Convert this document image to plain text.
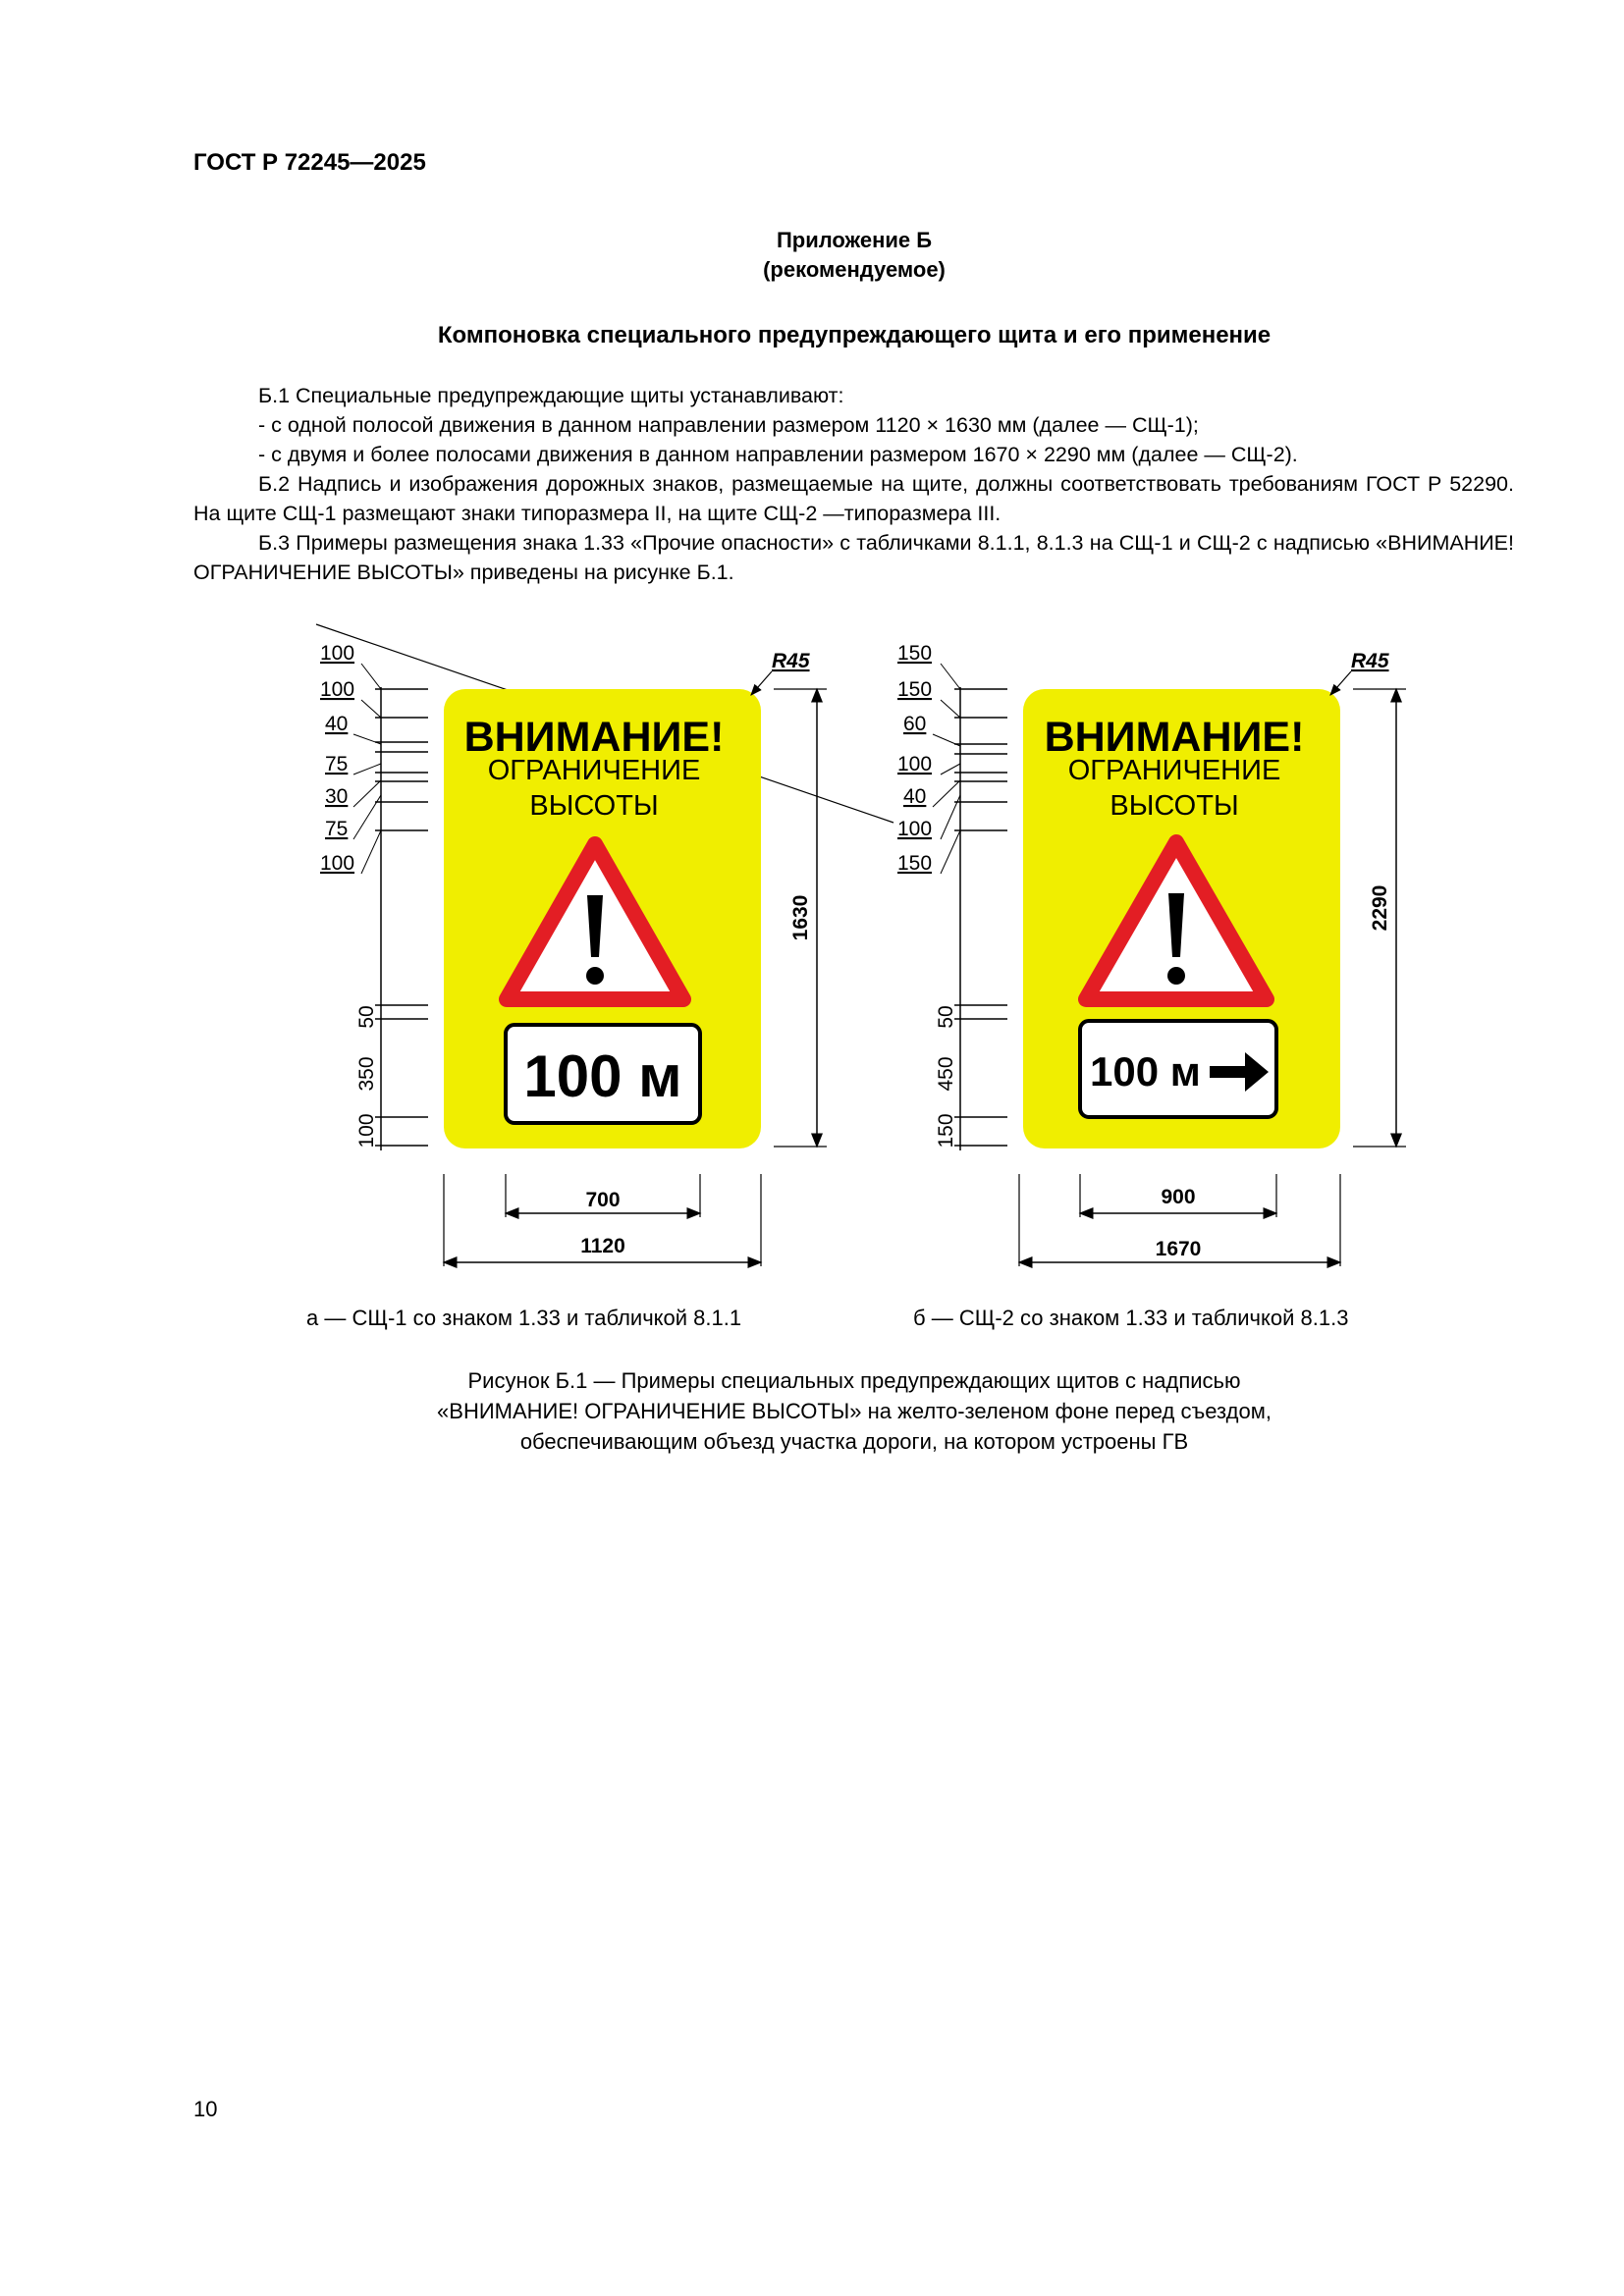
ГОСТ Р 72245—2025
Приложение Б
(рекомендуемое)
Компоновка специального предупреждающего щита и его применение

Б.1 Специальные предупреждающие щиты устанавливают:

- с одной полосой движения в данном направлении размером 1120 × 1630 мм (далее — СЩ-1);

- с двумя и более полосами движения в данном направлении размером 1670 × 2290 мм (далее — СЩ-2).

Б.2 Надпись и изображения дорожных знаков, размещаемые на щите, должны соответствовать требованиям ГОСТ Р 52290. На щите СЩ-1 размещают знаки типоразмера II, на щите СЩ-2 —типоразмера III.

Б.3 Примеры размещения знака 1.33 «Прочие опасности» с табличками 8.1.1, 8.1.3 на СЩ-1 и СЩ-2 с надписью «ВНИМАНИЕ! ОГРАНИЧЕНИЕ ВЫСОТЫ» приведены на рисунке Б.1.

ВНИМАНИЕ!
ОГРАНИЧЕНИЕ
ВЫСОТЫ
100 м
100
100
40
75
30
75
100
50
350
100
1630
R45
700
1120
ВНИМАНИЕ!
ОГРАНИЧЕНИЕ
ВЫСОТЫ
100 м
150
150
60
100
40
100
150
50
450
150
2290
R45
900
1670
а — СЩ-1 со знаком 1.33 и табличкой 8.1.1	б — СЩ-2 со знаком 1.33 и табличкой 8.1.3
Рисунок Б.1 — Примеры специальных предупреждающих щитов с надписью
«ВНИМАНИЕ! ОГРАНИЧЕНИЕ ВЫСОТЫ» на желто-зеленом фоне перед съездом,
обеспечивающим объезд участка дороги, на котором устроены ГВ
10
